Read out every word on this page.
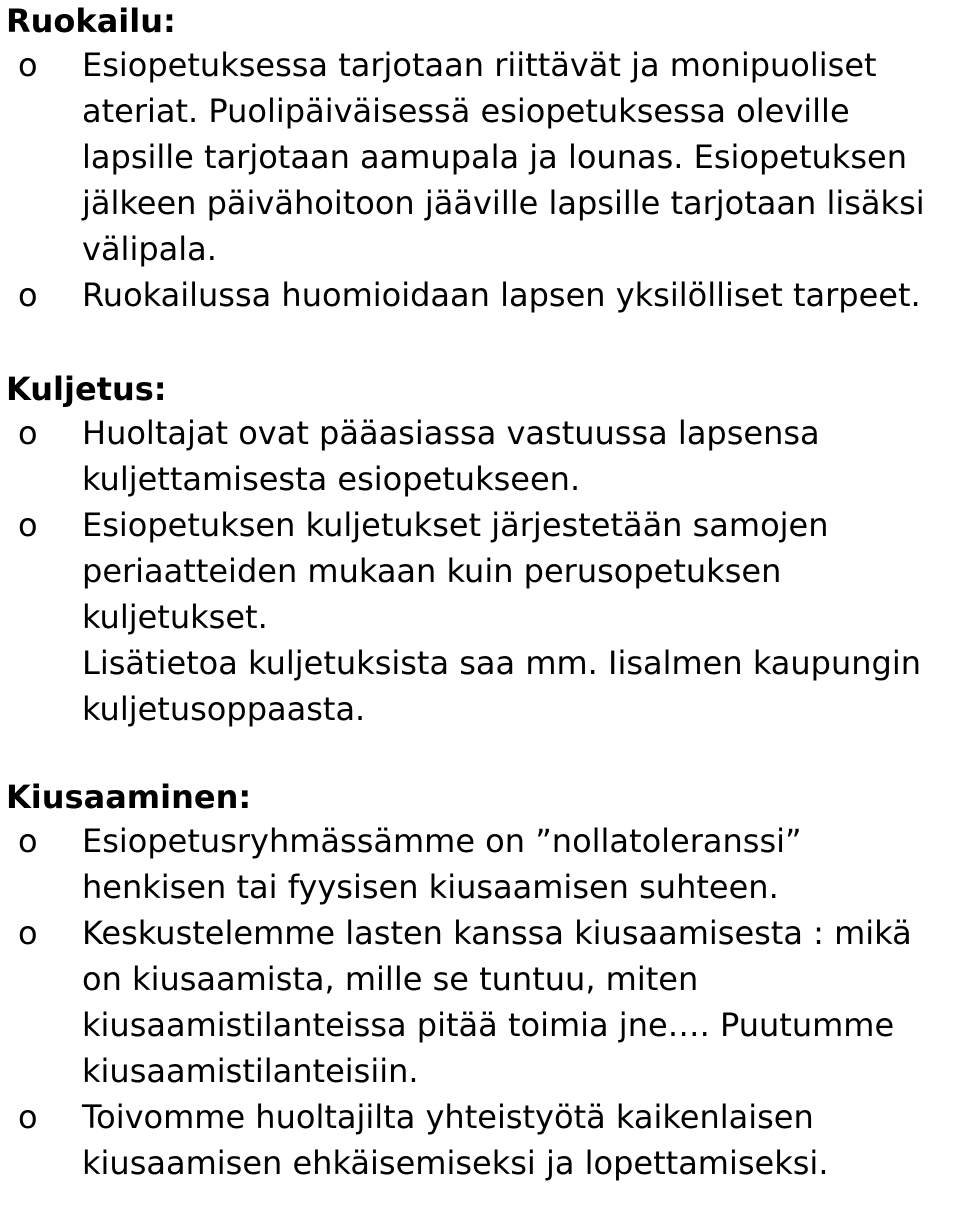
Ruokailu:
o Esiopetuksessa tarjotaan riittävät ja monipuoliset ateriat. Puolipäiväisessä esiopetuksessa oleville lapsille tarjotaan aamupala ja lounas. Esiopetuksen jälkeen päivähoitoon jääville lapsille tarjotaan lisäksi välipala.
o Ruokailussa huomioidaan lapsen yksilölliset tarpeet.
Kuljetus:
o Huoltajat ovat pääasiassa vastuussa lapsensa kuljettamisesta esiopetukseen.
o Esiopetuksen kuljetukset järjestetään samojen periaatteiden mukaan kuin perusopetuksen kuljetukset.
Lisätietoa kuljetuksista saa mm. Iisalmen kaupungin kuljetusoppaasta.
Kiusaaminen:
o Esiopetusryhmässämme on ”nollatoleranssi” henkisen tai fyysisen kiusaamisen suhteen.
o Keskustelemme lasten kanssa kiusaamisesta : mikä on kiusaamista, mille se tuntuu, miten kiusaamistilanteissa pitää toimia jne…. Puutumme kiusaamistilanteisiin.
o Toivomme huoltajilta yhteistyötä kaikenlaisen kiusaamisen ehkäisemiseksi ja lopettamiseksi.
